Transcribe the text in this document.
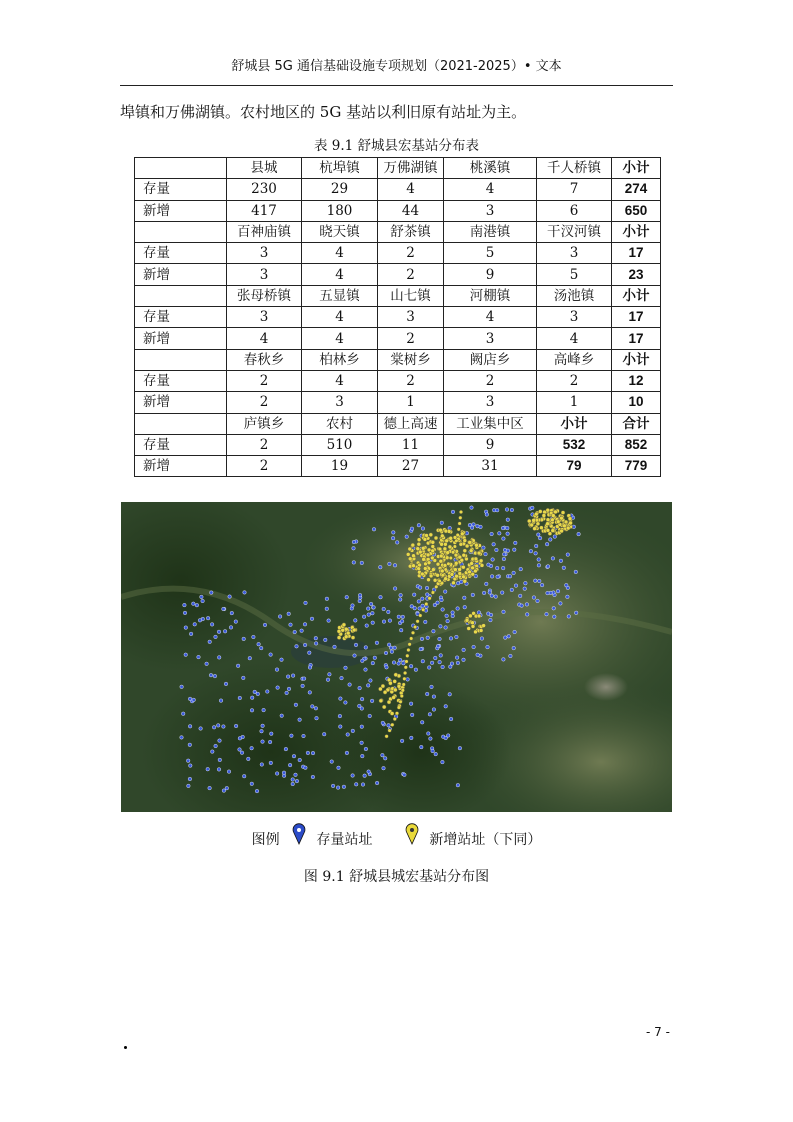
舒城县 5G 通信基础设施专项规划（2021-2025）• 文本
埠镇和万佛湖镇。农村地区的 5G 基站以利旧原有站址为主。
表 9.1 舒城县宏基站分布表
	县城	杭埠镇	万佛湖镇	桃溪镇	千人桥镇	小计
存量	230	29	4	4	7	274
新增	417	180	44	3	6	650
	百神庙镇	晓天镇	舒茶镇	南港镇	干汊河镇	小计
存量	3	4	2	5	3	17
新增	3	4	2	9	5	23
	张母桥镇	五显镇	山七镇	河棚镇	汤池镇	小计
存量	3	4	3	4	3	17
新增	4	4	2	3	4	17
	春秋乡	柏林乡	棠树乡	阙店乡	高峰乡	小计
存量	2	4	2	2	2	12
新增	2	3	1	3	1	10
	庐镇乡	农村	德上高速	工业集中区	小计	合计
存量	2	510	11	9	532	852
新增	2	19	27	31	79	779
图例	存量站址	新增站址（下同）
图 9.1 舒城县城宏基站分布图
- 7 -
